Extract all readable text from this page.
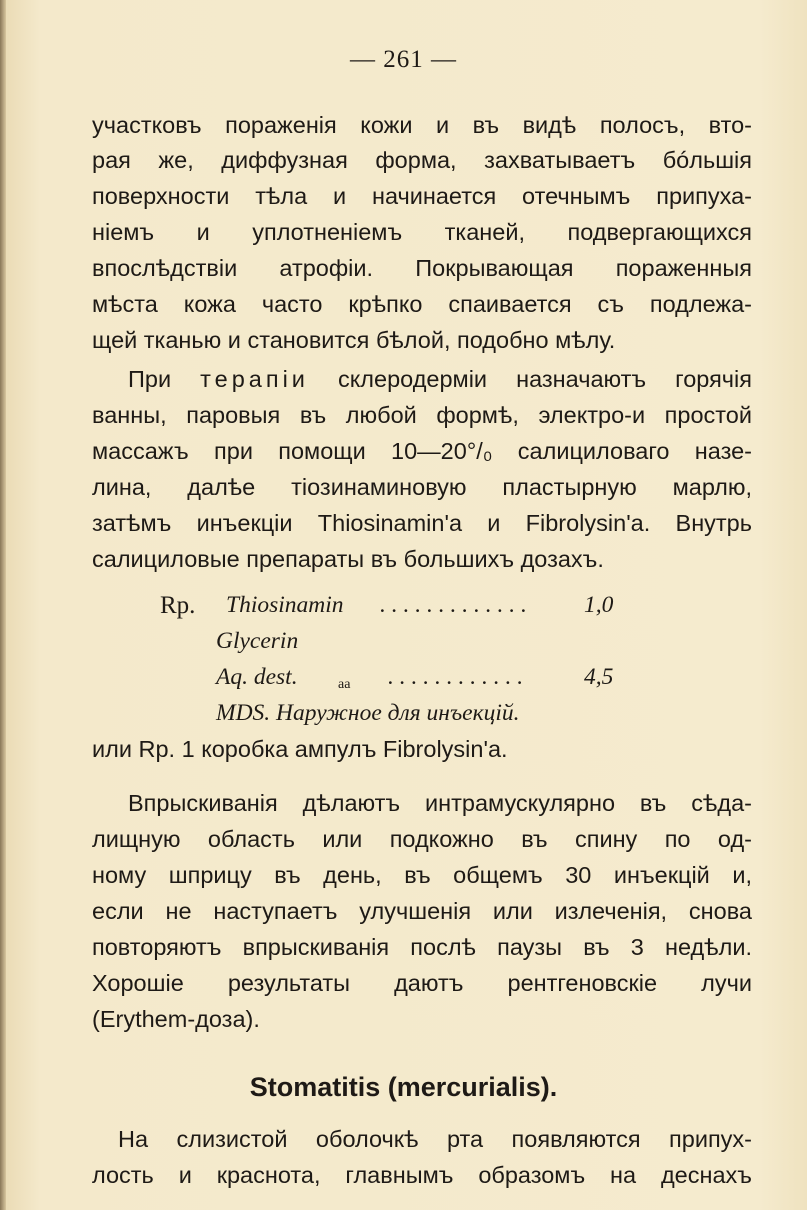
— 261 —
участковъ пораженія кожи и въ видѣ полосъ, вто-
рая же, диффузная форма, захватываетъ бóльшія
поверхности тѣла и начинается отечнымъ припуха-
ніемъ и уплотненіемъ тканей, подвергающихся
впослѣдствіи атрофіи. Покрывающая пораженныя
мѣста кожа часто крѣпко спаивается съ подлежа-
щей тканью и становится бѣлой, подобно мѣлу.
При терапіи склеродерміи назначаютъ горячія
ванны, паровыя въ любой формѣ, электро-и простой
массажъ при помощи 10—20°/₀ салициловаго назе-
лина, далѣе тіозинаминовую пластырную марлю,
затѣмъ инъекціи Thiosinamin'a и Fibrolysin'a. Внутрь
салициловые препараты въ большихъ дозахъ.
Rp. Thiosinamin . . . . . . . . . . . . . 1,0
Glycerin
Aq. dest.	aa . . . . . . . . . . . .	4,5
MDS. Наружное для инъекцій.
или Rp. 1 коробка ампулъ Fibrolysin'a.
Впрыскиванія дѣлаютъ интрамускулярно въ сѣда-
лищную область или подкожно въ спину по од-
ному шприцу въ день, въ общемъ 30 инъекцій и,
если не наступаетъ улучшенія или излеченія, снова
повторяютъ впрыскиванія послѣ паузы въ 3 недѣли.
Хорошіе результаты даютъ рентгеновскіе лучи
(Erythem-доза).
Stomatitis (mercurialis).
На слизистой оболочкѣ рта появляются припух-
лость и краснота, главнымъ образомъ на деснахъ
